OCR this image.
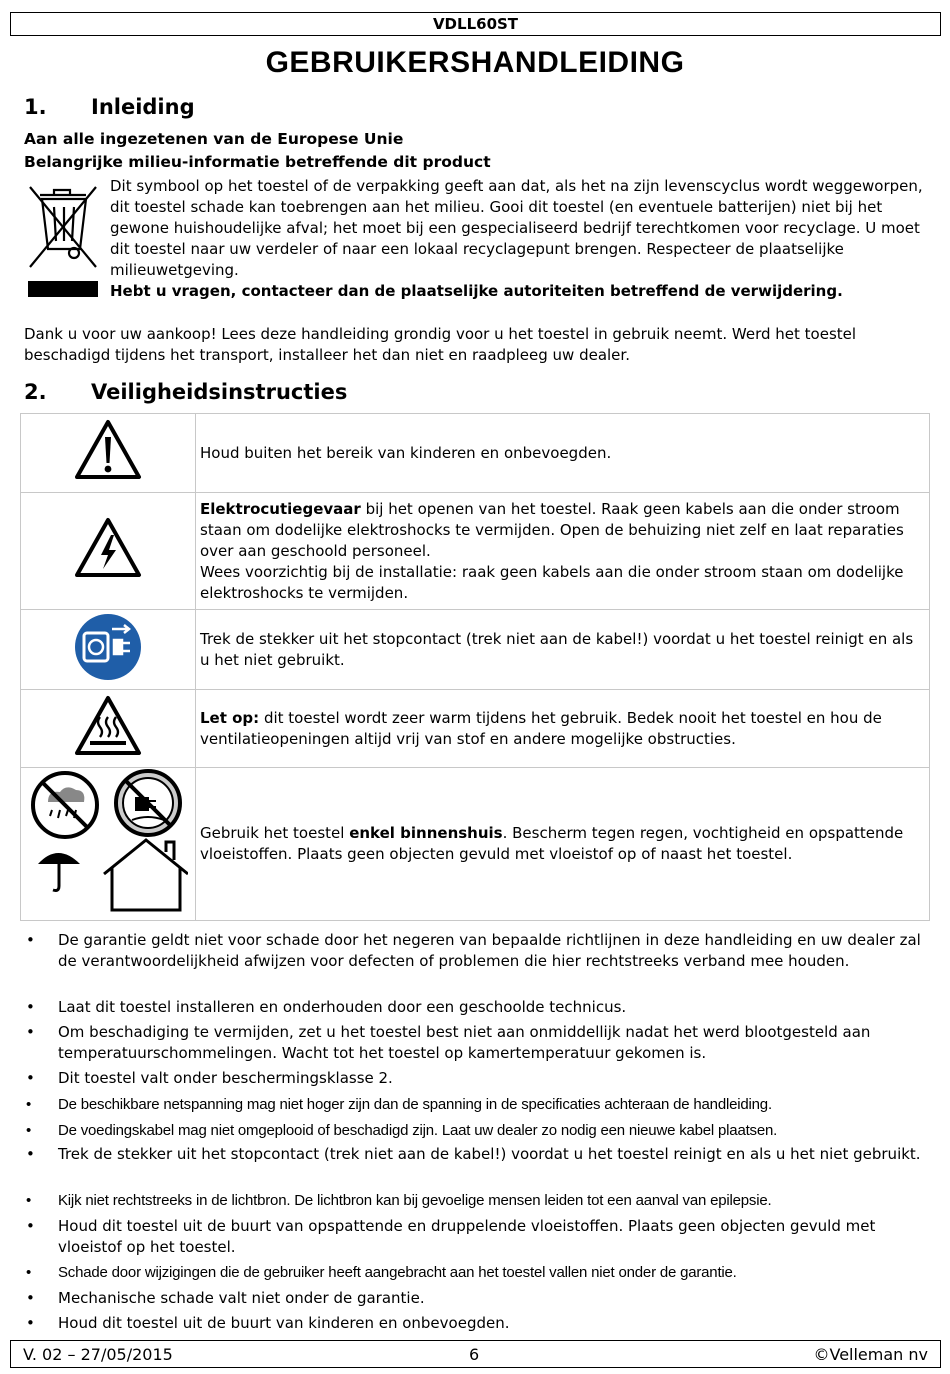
VDLL60ST
GEBRUIKERSHANDLEIDING
1. Inleiding
Aan alle ingezetenen van de Europese Unie
Belangrijke milieu-informatie betreffende dit product
Dit symbool op het toestel of de verpakking geeft aan dat, als het na zijn levenscyclus wordt weggeworpen, dit toestel schade kan toebrengen aan het milieu. Gooi dit toestel (en eventuele batterijen) niet bij het gewone huishoudelijke afval; het moet bij een gespecialiseerd bedrijf terechtkomen voor recyclage. U moet dit toestel naar uw verdeler of naar een lokaal recyclagepunt brengen. Respecteer de plaatselijke milieuwetgeving.
Hebt u vragen, contacteer dan de plaatselijke autoriteiten betreffend de verwijdering.
Dank u voor uw aankoop! Lees deze handleiding grondig voor u het toestel in gebruik neemt. Werd het toestel beschadigd tijdens het transport, installeer het dan niet en raadpleeg uw dealer.
2. Veiligheidsinstructies
	Houd buiten het bereik van kinderen en onbevoegden.
	Elektrocutiegevaar bij het openen van het toestel. Raak geen kabels aan die onder stroom staan om dodelijke elektroshocks te vermijden. Open de behuizing niet zelf en laat reparaties over aan geschoold personeel.
Wees voorzichtig bij de installatie: raak geen kabels aan die onder stroom staan om dodelijke elektroshocks te vermijden.
	Trek de stekker uit het stopcontact (trek niet aan de kabel!) voordat u het toestel reinigt en als u het niet gebruikt.
	Let op: dit toestel wordt zeer warm tijdens het gebruik. Bedek nooit het toestel en hou de ventilatieopeningen altijd vrij van stof en andere mogelijke obstructies.
	Gebruik het toestel enkel binnenshuis. Bescherm tegen regen, vochtigheid en opspattende vloeistoffen. Plaats geen objecten gevuld met vloeistof op of naast het toestel.
• De garantie geldt niet voor schade door het negeren van bepaalde richtlijnen in deze handleiding en uw dealer zal de verantwoordelijkheid afwijzen voor defecten of problemen die hier rechtstreeks verband mee houden.
• Laat dit toestel installeren en onderhouden door een geschoolde technicus.
• Om beschadiging te vermijden, zet u het toestel best niet aan onmiddellijk nadat het werd blootgesteld aan temperatuurschommelingen. Wacht tot het toestel op kamertemperatuur gekomen is.
• Dit toestel valt onder beschermingsklasse 2.
• De beschikbare netspanning mag niet hoger zijn dan de spanning in de specificaties achteraan de handleiding.
• De voedingskabel mag niet omgeplooid of beschadigd zijn. Laat uw dealer zo nodig een nieuwe kabel plaatsen.
• Trek de stekker uit het stopcontact (trek niet aan de kabel!) voordat u het toestel reinigt en als u het niet gebruikt.
• Kijk niet rechtstreeks in de lichtbron. De lichtbron kan bij gevoelige mensen leiden tot een aanval van epilepsie.
• Houd dit toestel uit de buurt van opspattende en druppelende vloeistoffen. Plaats geen objecten gevuld met vloeistof op het toestel.
• Schade door wijzigingen die de gebruiker heeft aangebracht aan het toestel vallen niet onder de garantie.
• Mechanische schade valt niet onder de garantie.
• Houd dit toestel uit de buurt van kinderen en onbevoegden.
V. 02 – 27/05/2015	6	©Velleman nv
